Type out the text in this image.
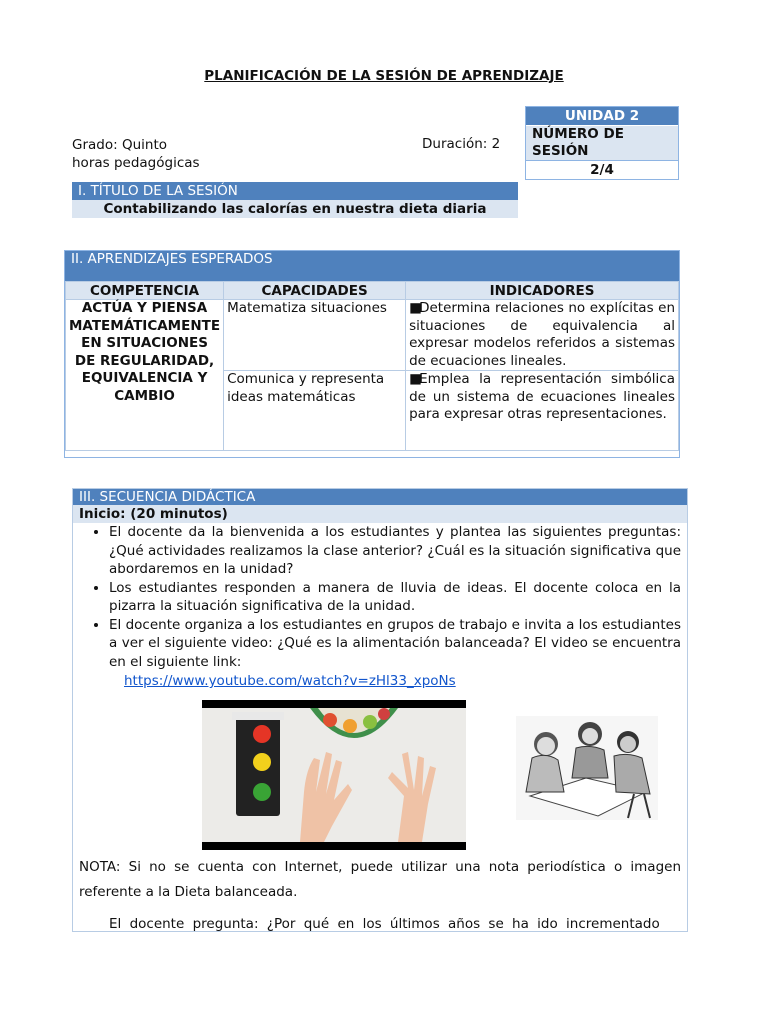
PLANIFICACIÓN DE LA SESIÓN DE APRENDIZAJE
Grado: Quinto
horas pedagógicas
Duración: 2
UNIDAD 2
NÚMERO DE SESIÓN
2/4
I. TÍTULO DE LA SESIÓN
Contabilizando las calorías en nuestra dieta diaria
II. APRENDIZAJES ESPERADOS
COMPETENCIA	CAPACIDADES	INDICADORES
ACTÚA Y PIENSA MATEMÁTICAMENTE EN SITUACIONES DE REGULARIDAD, EQUIVALENCIA Y CAMBIO	Matematiza situaciones	■Determina relaciones no explícitas en situaciones de equivalencia al expresar modelos referidos a sistemas de ecuaciones lineales.
	Comunica y representa ideas matemáticas	■Emplea la representación simbólica de un sistema de ecuaciones lineales para expresar otras representaciones.
III. SECUENCIA DIDÁCTICA
Inicio: (20 minutos)
• El docente da la bienvenida a los estudiantes y plantea las siguientes preguntas: ¿Qué actividades realizamos la clase anterior? ¿Cuál es la situación significativa que abordaremos en la unidad?
• Los estudiantes responden a manera de lluvia de ideas. El docente coloca en la pizarra la situación significativa de la unidad.
• El docente organiza a los estudiantes en grupos de trabajo e invita a los estudiantes a ver el siguiente video: ¿Qué es la alimentación balanceada? El video se encuentra en el siguiente link:
https://www.youtube.com/watch?v=zHl33_xpoNs
NOTA: Si no se cuenta con Internet, puede utilizar una nota periodística o imagen referente a la Dieta balanceada.
• El docente pregunta: ¿Por qué en los últimos años se ha ido incrementado
